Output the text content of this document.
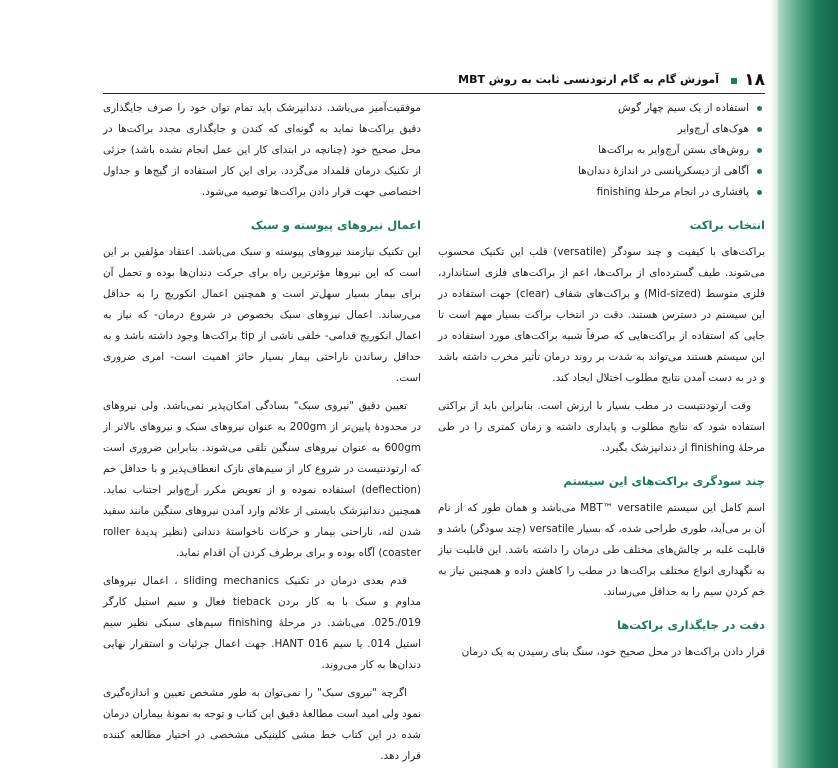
۱۸
آموزش گام به گام ارتودنسی ثابت به روش MBT
استفاده از یک سیم چهار گوش
هوک‌های آرچ‌وایر
روش‌های بستن آرچ‌وایر به براکت‌ها
آگاهی از دیسکرپانسی در اندازهٔ دندان‌ها
پافشاری در انجام مرحلهٔ finishing
انتخاب براکت

براکت‌های با کیفیت و چند سودگر (versatile) قلب این تکنیک محسوب می‌شوند. طیف گسترده‌ای از براکت‌ها، اعم از براکت‌های فلزی استاندارد، فلزی متوسط (Mid-sized) و براکت‌های شفاف (clear) جهت استفاده در این سیستم در دسترس هستند. دقت در انتخاب براکت بسیار مهم است تا جایی که استفاده از براکت‌هایی که صرفاً شبیه براکت‌های مورد استفاده در این سیستم هستند می‌تواند به شدت بر روند درمان تأثیر مخرب داشته باشد و در به دست آمدن نتایج مطلوب اختلال ایجاد کند.

وقت ارتودنتیست در مطب بسیار با ارزش است. بنابراین باید از براکتی استفاده شود که نتایج مطلوب و پایداری داشته و زمان کمتری را در طی مرحلهٔ finishing از دندانپزشک بگیرد.

چند سودگری براکت‌های این سیستم

اسم کامل این سیستم MBT™ versatile می‌باشد و همان طور که از نام آن بر می‌آید، طوری طراحی شده، که بسیار versatile (چند سودگر) باشد و قابلیت غلبه بر چالش‌های مختلف طی درمان را داشته باشد. این قابلیت نیاز به نگهداری انواع مختلف براکت‌ها در مطب را کاهش داده و همچنین نیاز به خم کردن سیم را به حداقل می‌رساند.

دقت در جایگذاری براکت‌ها

قرار دادن براکت‌ها در محل صحیح خود، سنگ بنای رسیدن به یک درمان

موفقیت‌آمیز می‌باشد. دندانپزشک باید تمام توان خود را صرف جایگذاری دقیق براکت‌ها نماید به گونه‌ای که کندن و جایگذاری مجدد براکت‌ها در محل صحیح خود (چنانچه در ابتدای کار این عمل انجام نشده باشد) جزئی از تکنیک درمان قلمداد می‌گردد. برای این کار استفاده از گیج‌ها و جداول اختصاصی جهت قرار دادن براکت‌ها توصیه می‌شود.

اعمال نیروهای پیوسته و سبک

این تکنیک نیازمند نیروهای پیوسته و سبک می‌باشد. اعتقاد مؤلفین بر این است که این نیروها مؤثرترین راه برای حرکت دندان‌ها بوده و تحمل آن برای بیمار بسیار سهل‌تر است و همچنین اعمال انکوریج را به حداقل می‌رساند. اعمال نیروهای سبک بخصوص در شروع درمان- که نیاز به اعمال انکوریج قدامی- خلفی ناشی از tip براکت‌ها وجود داشته باشد و به حداقل رساندن ناراحتی بیمار بسیار حائز اهمیت است- امری ضروری است.

تعیین دقیق "نیروی سبک" بسادگی امکان‌پذیر نمی‌باشد. ولی نیروهای در محدودهٔ پایین‌تر از 200gm به عنوان نیروهای سبک و نیروهای بالاتر از 600gm به عنوان نیروهای سنگین تلقی می‌شوند. بنابراین ضروری است که ارتودنتیست در شروع کار از سیم‌های نازک انعطاف‌پذیر و با حداقل خم (deflection) استفاده نموده و از تعویض مکرر آرچ‌وایر اجتناب نماید. همچنین دندانپزشک بایستی از علائم وارد آمدن نیروهای سنگین مانند سفید شدن لثه، ناراحتی بیمار و حرکات ناخواستهٔ دندانی (نظیر پدیدهٔ roller coaster) آگاه بوده و برای برطرف کردن آن اقدام نماید.

قدم بعدی درمان در تکنیک sliding mechanics ، اعمال نیروهای مداوم و سبک با به کار بردن tieback فعال و سیم استیل کارگر 019/.025. می‌باشد. در مرحلهٔ finishing سیم‌های سبکی نظیر سیم استیل 014. یا سیم HANT 016. جهت اعمال جزئیات و استقرار نهایی دندان‌ها به کار می‌روند.

اگرچه "نیروی سبک" را نمی‌توان به طور مشخص تعیین و اندازه‌گیری نمود ولی امید است مطالعهٔ دقیق این کتاب و توجه به نمونهٔ بیماران درمان شده در این کتاب خط مشی کلینیکی مشخصی در اختیار مطالعه کننده قرار دهد.
